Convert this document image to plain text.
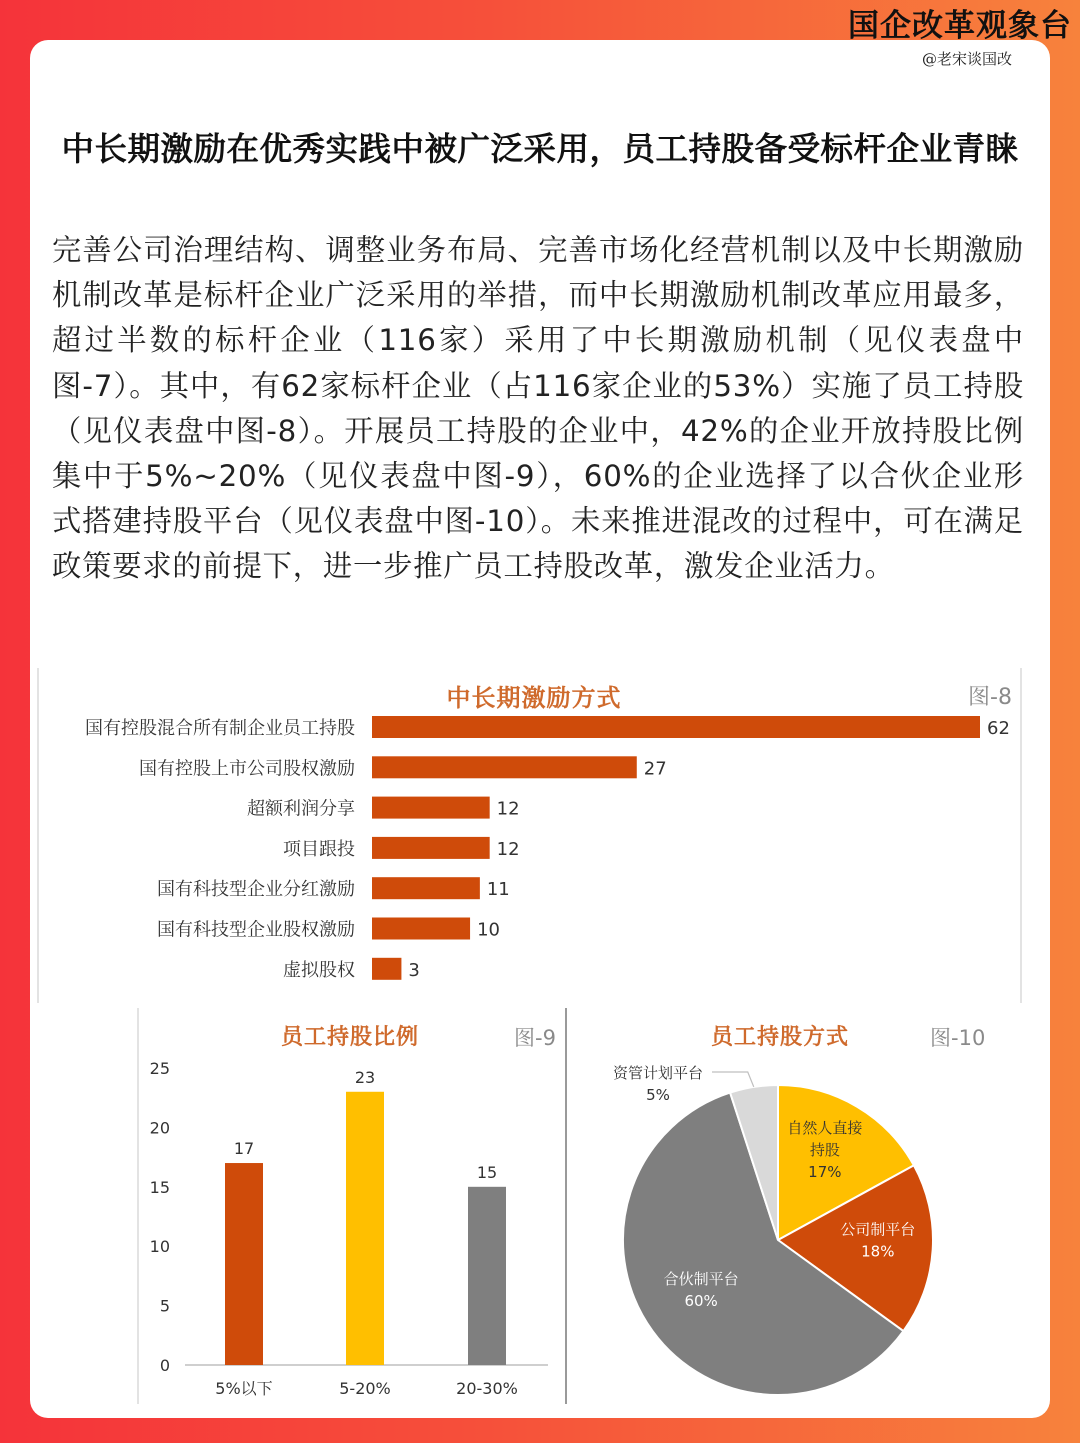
国企改革观象台
@老宋谈国改
中长期激励在优秀实践中被广泛采用，员工持股备受标杆企业青睐
完善公司治理结构、调整业务布局、完善市场化经营机制以及中长期激励机制改革是标杆企业广泛采用的举措，而中长期激励机制改革应用最多，超过半数的标杆企业（116家）采用了中长期激励机制（见仪表盘中图-7）。其中，有62家标杆企业（占116家企业的53%）实施了员工持股（见仪表盘中图-8）。开展员工持股的企业中，42%的企业开放持股比例集中于5%~20%（见仪表盘中图-9），60%的企业选择了以合伙企业形式搭建持股平台（见仪表盘中图-10）。未来推进混改的过程中，可在满足政策要求的前提下，进一步推广员工持股改革，激发企业活力。
中长期激励方式	图-8
国有控股混合所有制企业员工持股	62
国有控股上市公司股权激励	27
超额利润分享	12
项目跟投	12
国有科技型企业分红激励	11
国有科技型企业股权激励	10
虚拟股权	3
员工持股比例	图-9
0
5
10
15
20
25
17
5%以下
23
5-20%
15
20-30%
员工持股方式	图-10
自然人直接
持股
17%
公司制平台
18%
合伙制平台
60%
资管计划平台
5%
